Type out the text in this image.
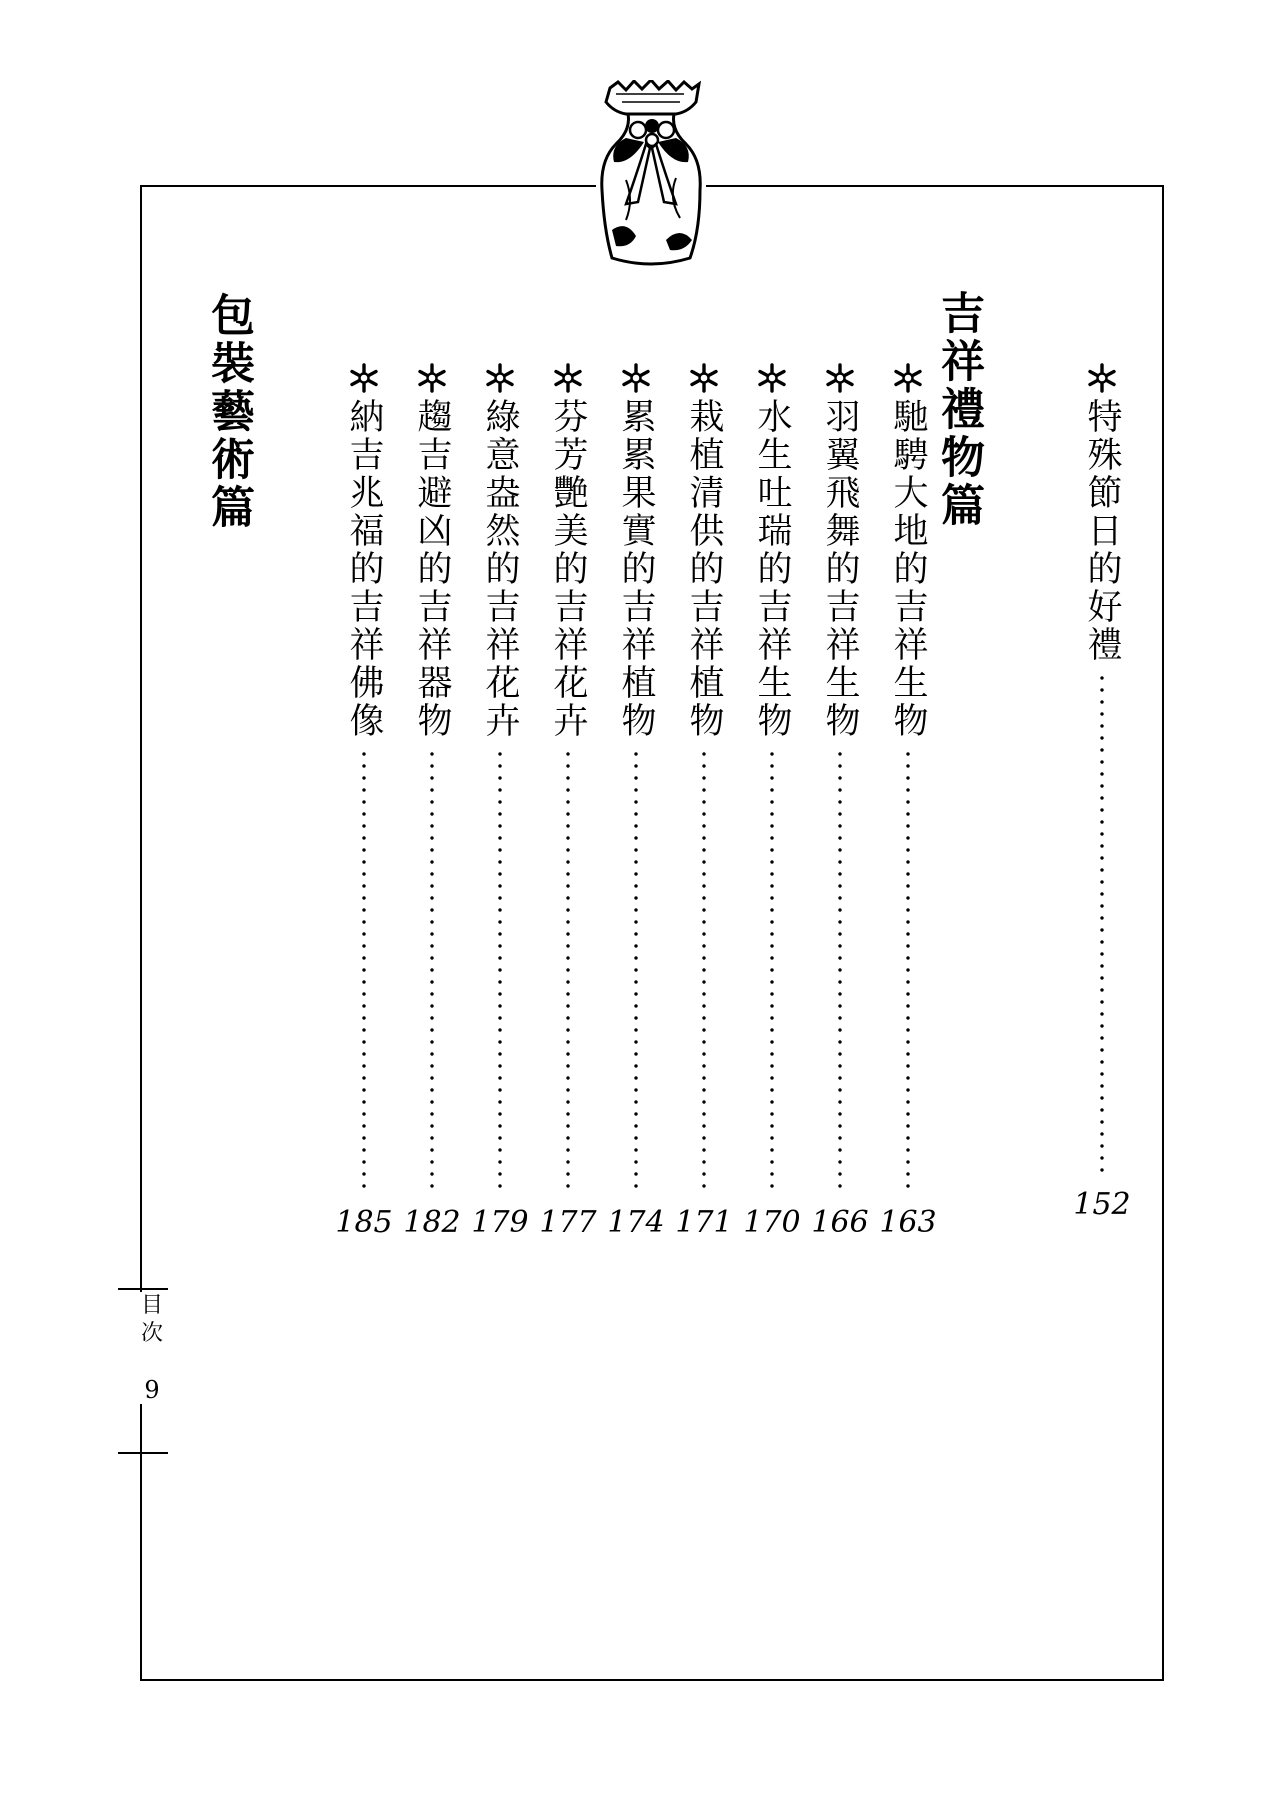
特殊節日的好禮
152
吉祥禮物篇
包裝藝術篇	馳騁大地的吉祥生物
163
羽翼飛舞的吉祥生物
166
水生吐瑞的吉祥生物
170
栽植清供的吉祥植物
171
累累果實的吉祥植物
174
芬芳艷美的吉祥花卉
177
綠意盎然的吉祥花卉
179
趨吉避凶的吉祥器物
182
納吉兆福的吉祥佛像
185
目
次
9
